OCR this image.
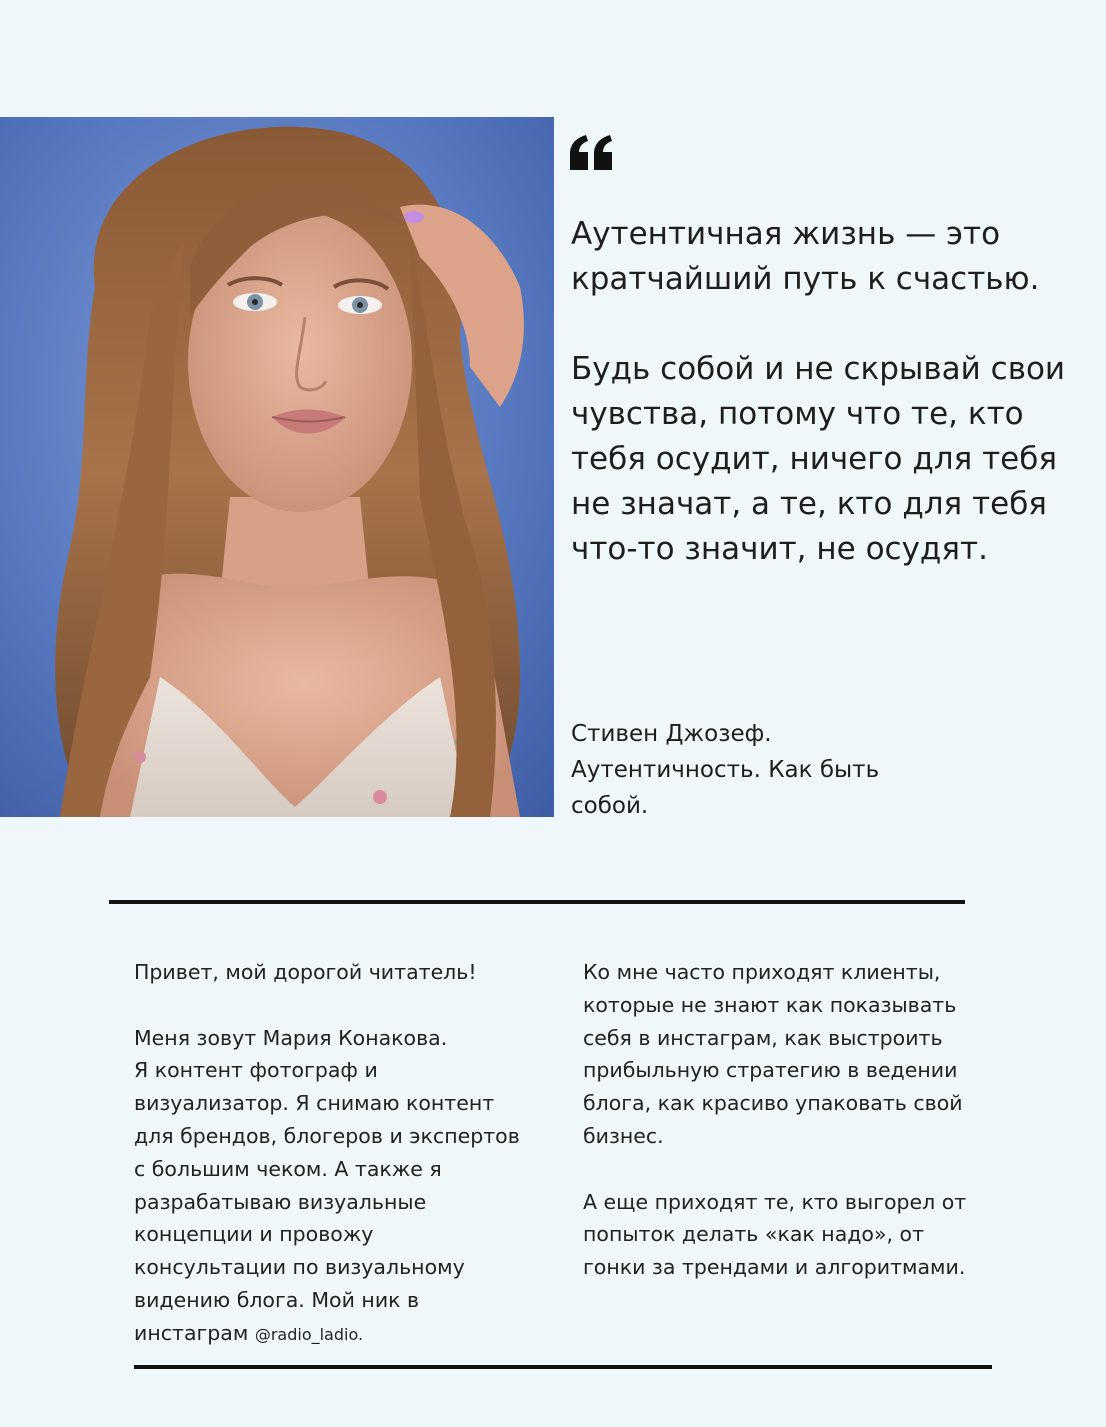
Аутентичная жизнь — это
кратчайший путь к счастью.

Будь собой и не скрывай свои
чувства, потому что те, кто
тебя осудит, ничего для тебя
не значат, а те, кто для тебя
что-то значит, не осудят.

Стивен Джозеф.
Аутентичность. Как быть
собой.
Привет, мой дорогой читатель!
Меня зовут Мария Конакова.
Я контент фотограф и
визуализатор. Я снимаю контент
для брендов, блогеров и экспертов
с большим чеком. А также я
разрабатываю визуальные
концепции и провожу
консультации по визуальному
видению блога. Мой ник в
инстаграм @radio_ladio.
Ко мне часто приходят клиенты,
которые не знают как показывать
себя в инстаграм, как выстроить
прибыльную стратегию в ведении
блога, как красиво упаковать свой
бизнес.
А еще приходят те, кто выгорел от
попыток делать «как надо», от
гонки за трендами и алгоритмами.
